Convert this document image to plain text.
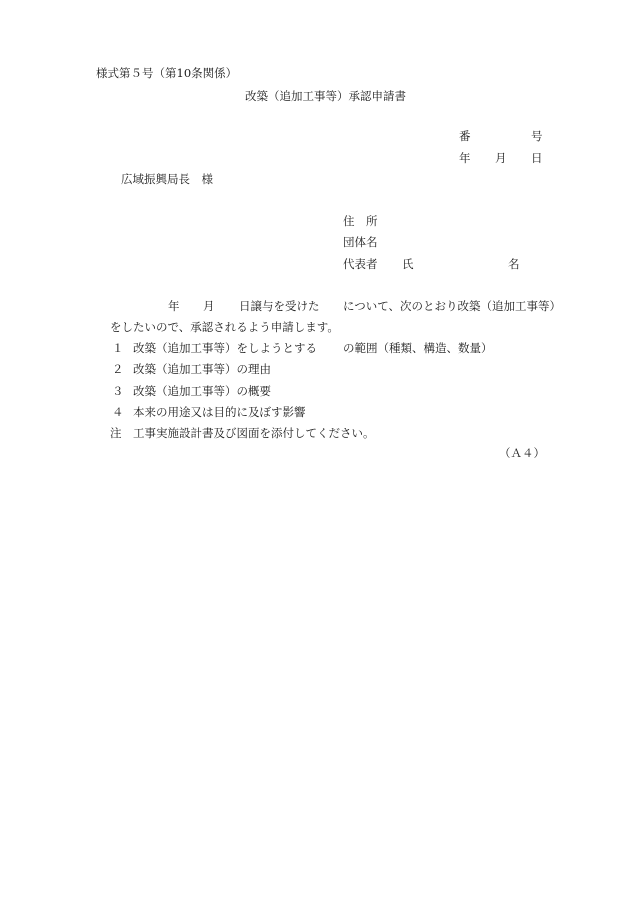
様式第５号（第10条関係）
改築（追加工事等）承認申請書
番	号
年 月 日
広域振興局長　様
住　所
団体名
代表者 氏	名
年 月 日譲与を受けた について、次のとおり改築（追加工事等）
をしたいので、承認されるよう申請します。
１ 改築（追加工事等）をしようとする の範囲（種類、構造、数量）
２ 改築（追加工事等）の理由
３ 改築（追加工事等）の概要
４ 本来の用途又は目的に及ぼす影響
注 工事実施設計書及び図面を添付してください。
（Ａ４）
